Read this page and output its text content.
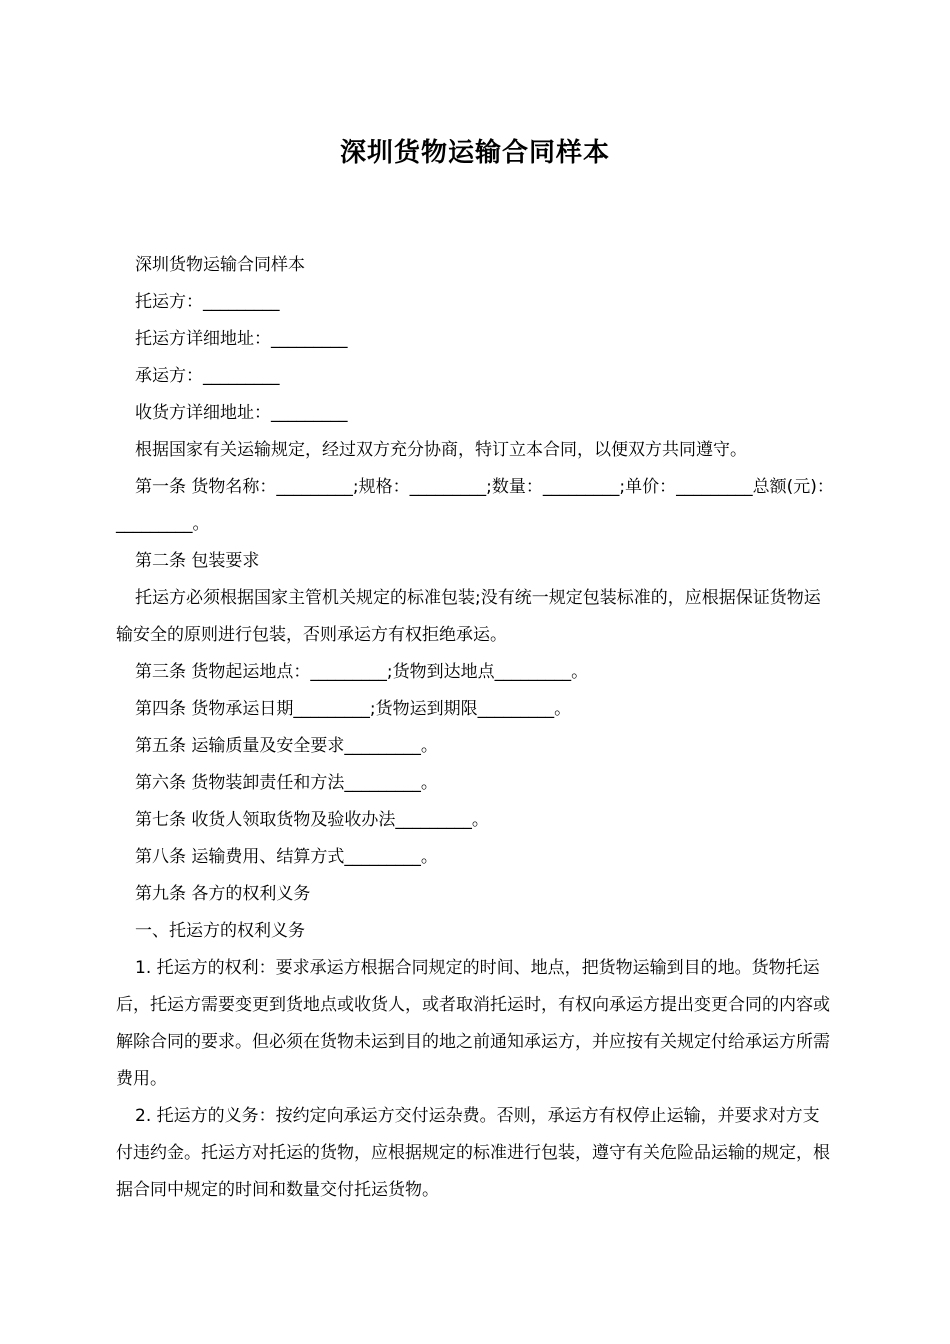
深圳货物运输合同样本

深圳货物运输合同样本

托运方：_________

托运方详细地址：_________

承运方：_________

收货方详细地址：_________

根据国家有关运输规定，经过双方充分协商，特订立本合同，以便双方共同遵守。

第一条 货物名称：_________;规格：_________;数量：_________;单价：_________总额(元)：_________。

第二条 包装要求

托运方必须根据国家主管机关规定的标准包装;没有统一规定包装标准的，应根据保证货物运输安全的原则进行包装，否则承运方有权拒绝承运。

第三条 货物起运地点：_________;货物到达地点_________。

第四条 货物承运日期_________;货物运到期限_________。

第五条 运输质量及安全要求_________。

第六条 货物装卸责任和方法_________。

第七条 收货人领取货物及验收办法_________。

第八条 运输费用、结算方式_________。

第九条 各方的权利义务

一、托运方的权利义务

1. 托运方的权利：要求承运方根据合同规定的时间、地点，把货物运输到目的地。货物托运后，托运方需要变更到货地点或收货人，或者取消托运时，有权向承运方提出变更合同的内容或解除合同的要求。但必须在货物未运到目的地之前通知承运方，并应按有关规定付给承运方所需费用。

2. 托运方的义务：按约定向承运方交付运杂费。否则，承运方有权停止运输，并要求对方支付违约金。托运方对托运的货物，应根据规定的标准进行包装，遵守有关危险品运输的规定，根据合同中规定的时间和数量交付托运货物。
